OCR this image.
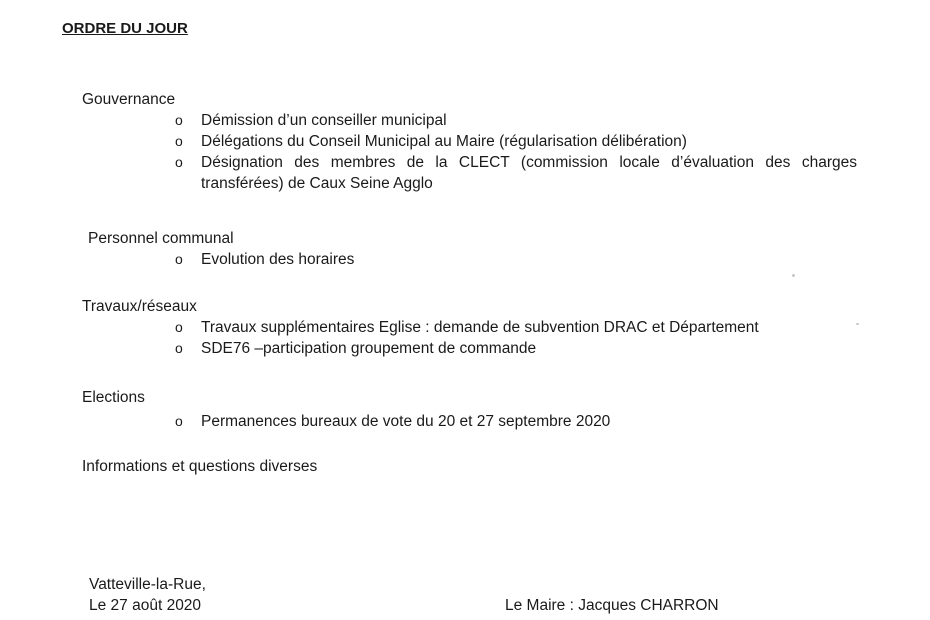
ORDRE DU JOUR
Gouvernance
o Démission d’un conseiller municipal
o Délégations du Conseil Municipal au Maire (régularisation délibération)
o Désignation des membres de la CLECT (commission locale d’évaluation des charges transférées) de Caux Seine Agglo
Personnel communal
o Evolution des horaires
Travaux/réseaux
o Travaux supplémentaires Eglise : demande de subvention DRAC et Département
o SDE76 –participation groupement de commande
Elections
o Permanences bureaux de vote du 20 et 27 septembre 2020
Informations et questions diverses
Vatteville-la-Rue,
Le 27 août 2020	Le Maire : Jacques CHARRON
